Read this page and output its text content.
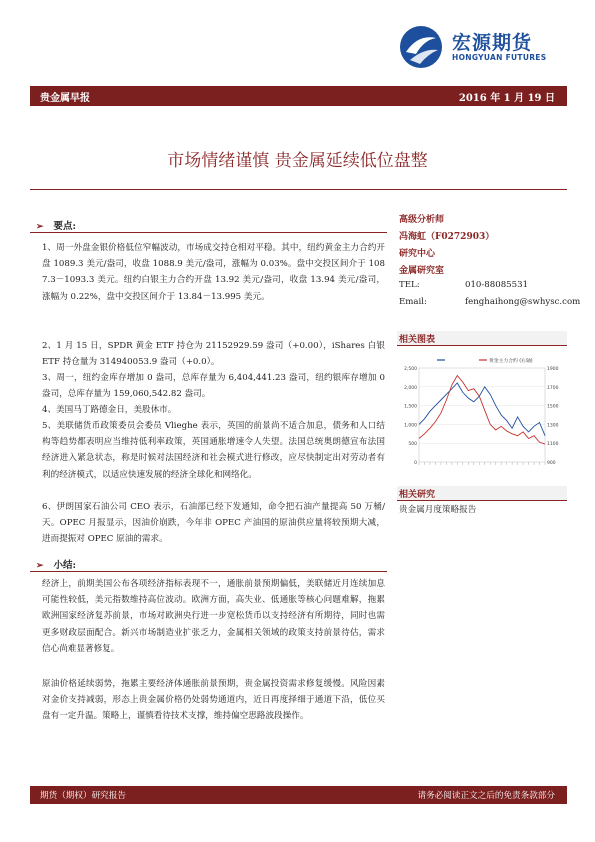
宏源期货
HONGYUAN FUTURES
贵金属早报	2016 年 1 月 19 日
市场情绪谨慎 贵金属延续低位盘整
➢ 要点:
1、周一外盘金银价格低位窄幅波动，市场成交持仓相对平稳。其中，纽约黄金主力合约开盘 1089.3 美元/盎司，收盘 1088.9 美元/盎司，涨幅为 0.03%。盘中交投区间介于 1087.3－1093.3 美元。纽约白银主力合约开盘 13.92 美元/盎司，收盘 13.94 美元/盎司，涨幅为 0.22%，盘中交投区间介于 13.84－13.995 美元。
2、1 月 15 日，SPDR 黄金 ETF 持仓为 21152929.59 盎司（+0.00），iShares 白银 ETF 持仓量为 314940053.9 盎司（+0.0）。
3、周一，纽约金库存增加 0 盎司，总库存量为 6,404,441.23 盎司，纽约银库存增加 0 盎司，总库存量为 159,060,542.82 盎司。
4、美国马丁路德金日，美股休市。
5、美联储货币政策委员会委员 Vlieghe 表示，英国的前景尚不适合加息，债务和人口结构等趋势都表明应当维持低利率政策，英国通胀增速令人失望。法国总统奥朗德宣布法国经济进入紧急状态，称是时候对法国经济和社会模式进行修改，应尽快制定出对劳动者有利的经济模式，以适应快速发展的经济全球化和网络化。
6、伊朗国家石油公司 CEO 表示，石油部已经下发通知，命令把石油产量提高 50 万桶/天。OPEC 月报显示，因油价崩跌，今年非 OPEC 产油国的原油供应量将较预期大减，进而提振对 OPEC 原油的需求。
➢ 小结:
经济上，前期美国公布各项经济指标表现不一，通胀前景预期偏低，美联储近月连续加息可能性较低，美元指数维持高位波动。欧洲方面，高失业、低通胀等核心问题难解，拖累欧洲国家经济复苏前景，市场对欧洲央行进一步宽松货币以支持经济有所期待，同时也需更多财政层面配合。新兴市场制造业扩张乏力，金属相关领域的政策支持前景待估，需求信心尚难显著修复。
原油价格延续弱势，拖累主要经济体通胀前景预期，贵金属投资需求修复缓慢。风险因素对金价支持减弱，形态上贵金属价格仍处弱势通道内，近日再度择细于通道下沿，低位买盘有一定升温。策略上，谨慎看待技术支撑，维持偏空思路波段操作。
高级分析师
冯海虹（F0272903）
研究中心
金属研究室
TEL:	010-88085531
Email:	fenghaihong@swhysc.com
相关图表
2,500	1900
2,000	1700
1,500	1500
1,000	1300
500	1100
0	900
黄金主力合约 (右轴)
相关研究
贵金属月度策略报告
期货（期权）研究报告	请务必阅读正文之后的免责条款部分
